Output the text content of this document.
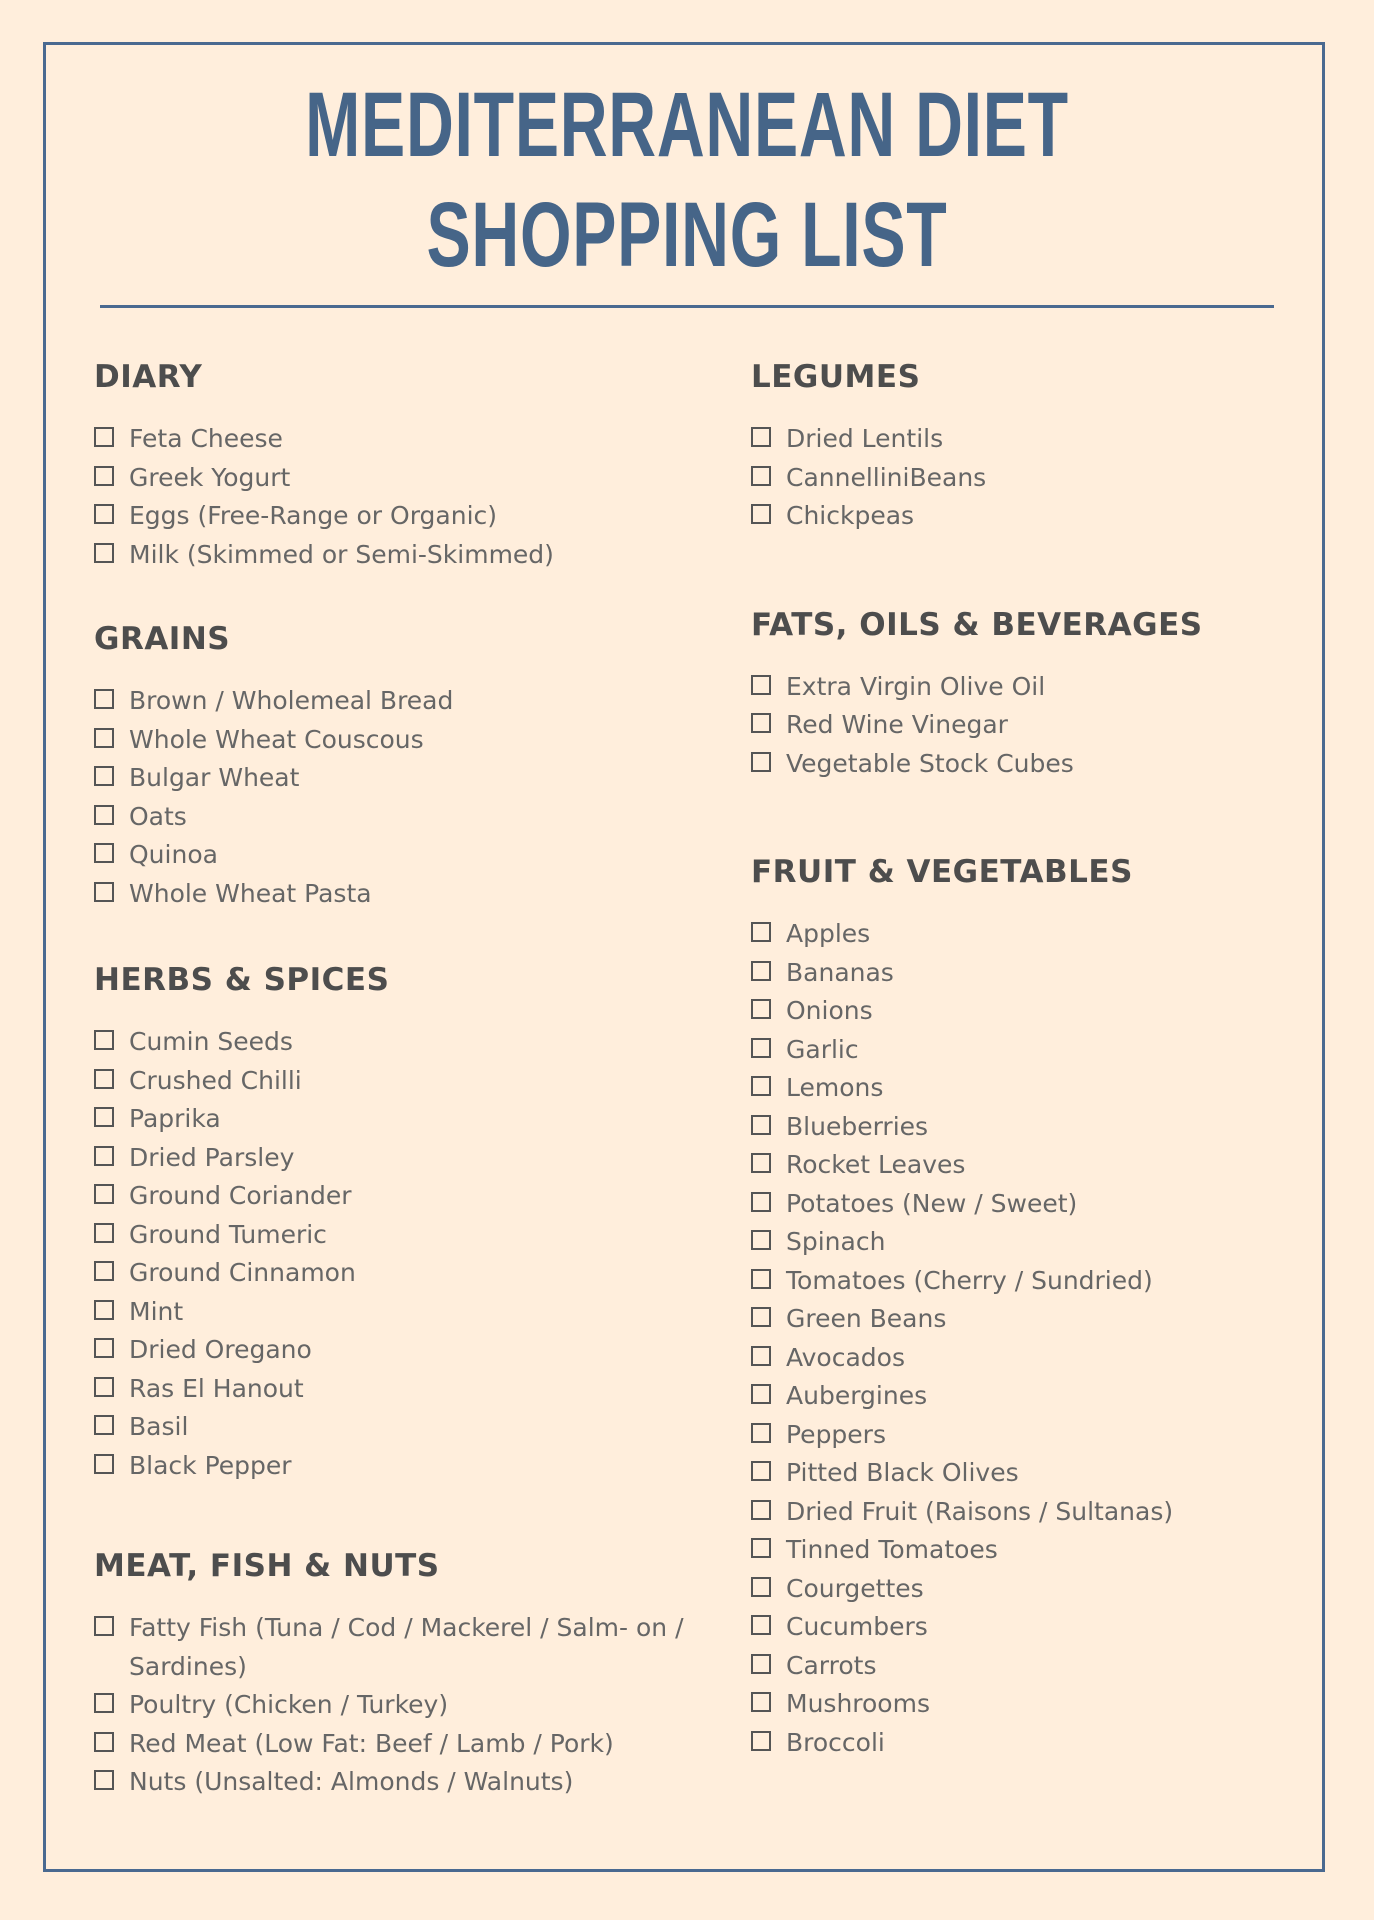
MEDITERRANEAN DIET
SHOPPING LIST
DIARY
Feta Cheese
Greek Yogurt
Eggs (Free-Range or Organic)
Milk (Skimmed or Semi-Skimmed)
GRAINS
Brown / Wholemeal Bread
Whole Wheat Couscous
Bulgar Wheat
Oats
Quinoa
Whole Wheat Pasta
HERBS & SPICES
Cumin Seeds
Crushed Chilli
Paprika
Dried Parsley
Ground Coriander
Ground Tumeric
Ground Cinnamon
Mint
Dried Oregano
Ras El Hanout
Basil
Black Pepper
MEAT, FISH & NUTS
Fatty Fish (Tuna / Cod / Mackerel / Salm- on / Sardines)
Poultry (Chicken / Turkey)
Red Meat (Low Fat: Beef / Lamb / Pork)
Nuts (Unsalted: Almonds / Walnuts)
LEGUMES
Dried Lentils
CannelliniBeans
Chickpeas
FATS, OILS & BEVERAGES
Extra Virgin Olive Oil
Red Wine Vinegar
Vegetable Stock Cubes
FRUIT & VEGETABLES
Apples
Bananas
Onions
Garlic
Lemons
Blueberries
Rocket Leaves
Potatoes (New / Sweet)
Spinach
Tomatoes (Cherry / Sundried)
Green Beans
Avocados
Aubergines
Peppers
Pitted Black Olives
Dried Fruit (Raisons / Sultanas)
Tinned Tomatoes
Courgettes
Cucumbers
Carrots
Mushrooms
Broccoli
